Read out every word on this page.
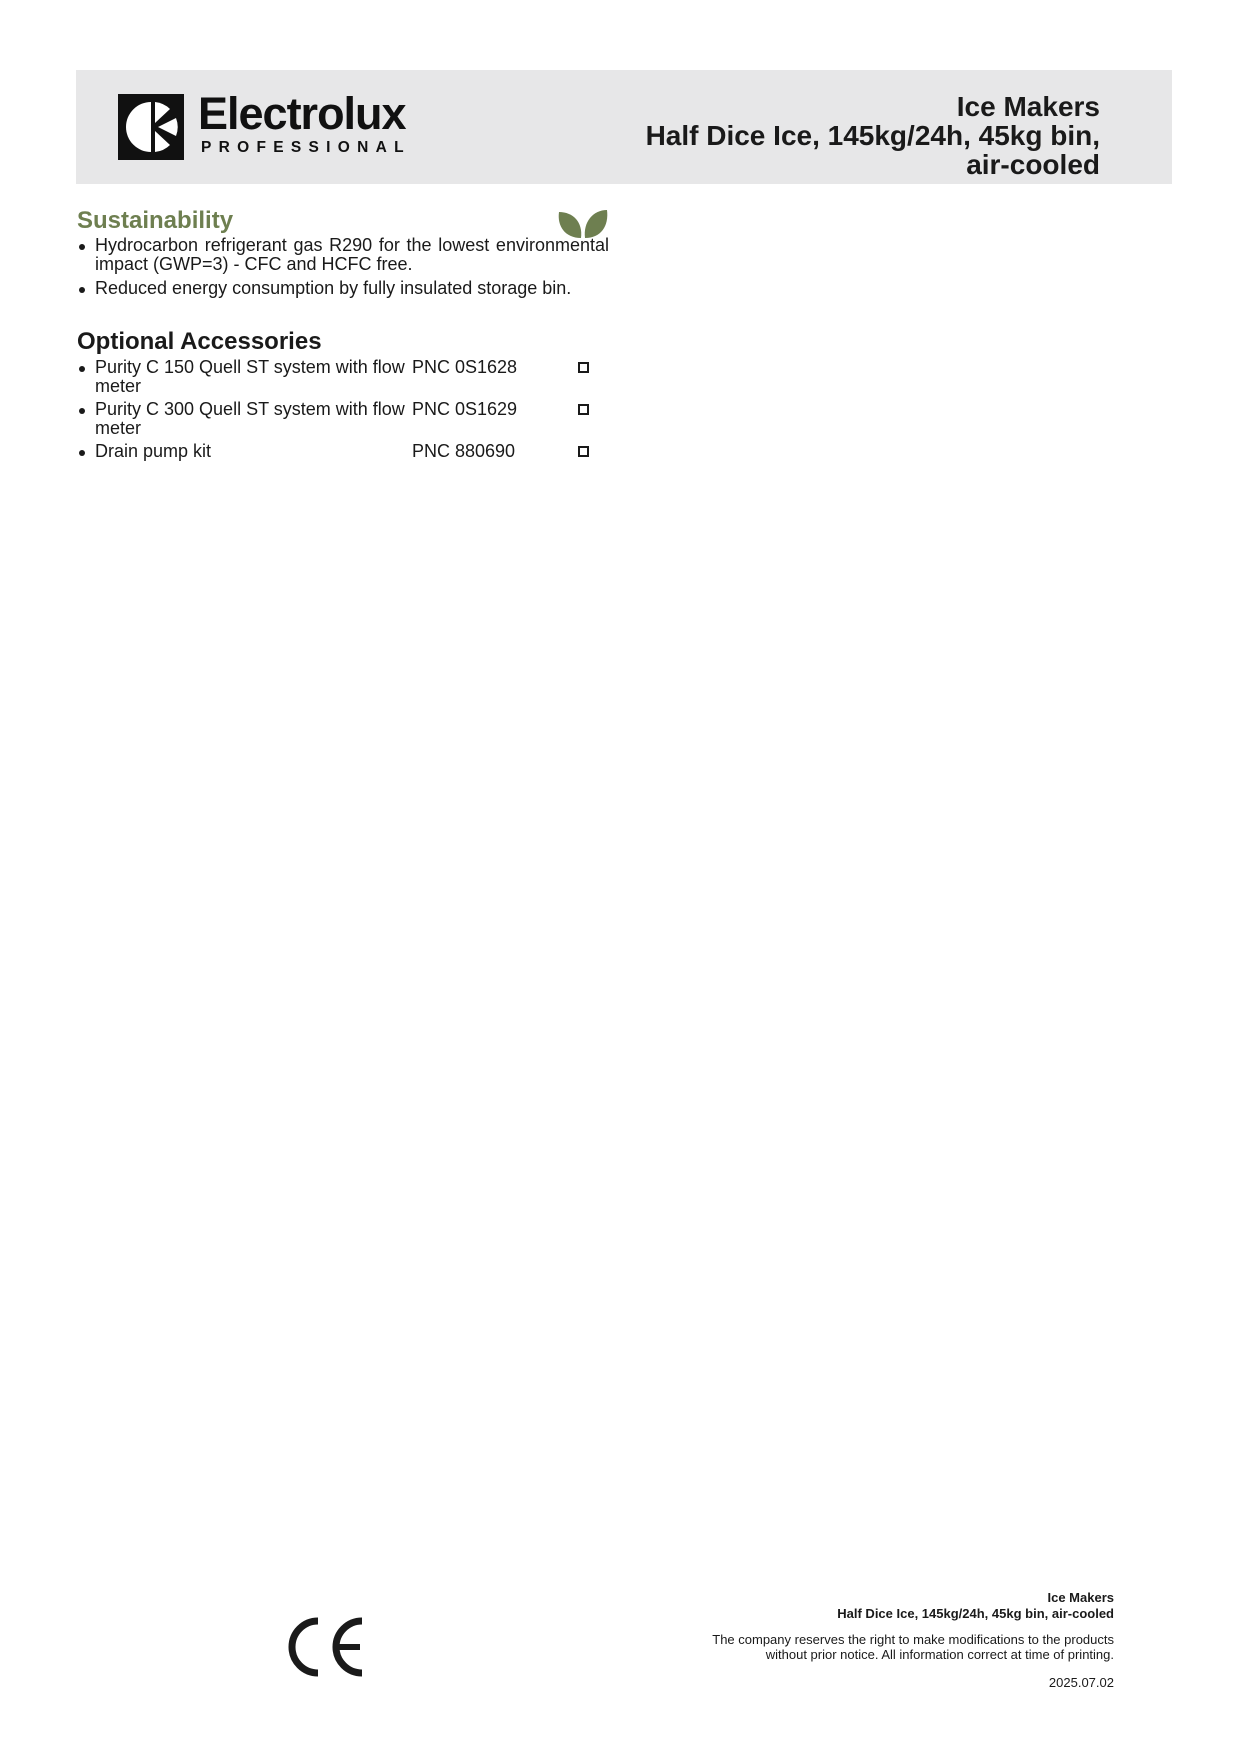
Electrolux
PROFESSIONAL
Ice Makers
Half Dice Ice, 145kg/24h, 45kg bin,
air-cooled
Sustainability
Hydrocarbon refrigerant gas R290 for the lowest environmental impact (GWP=3) - CFC and HCFC free.
Reduced energy consumption by fully insulated storage bin.
Optional Accessories
Purity C 150 Quell ST system with flow meter
PNC 0S1628
Purity C 300 Quell ST system with flow meter
PNC 0S1629
Drain pump kit	PNC 880690
Ice Makers
Half Dice Ice, 145kg/24h, 45kg bin, air-cooled
The company reserves the right to make modifications to the products
without prior notice. All information correct at time of printing.
2025.07.02
